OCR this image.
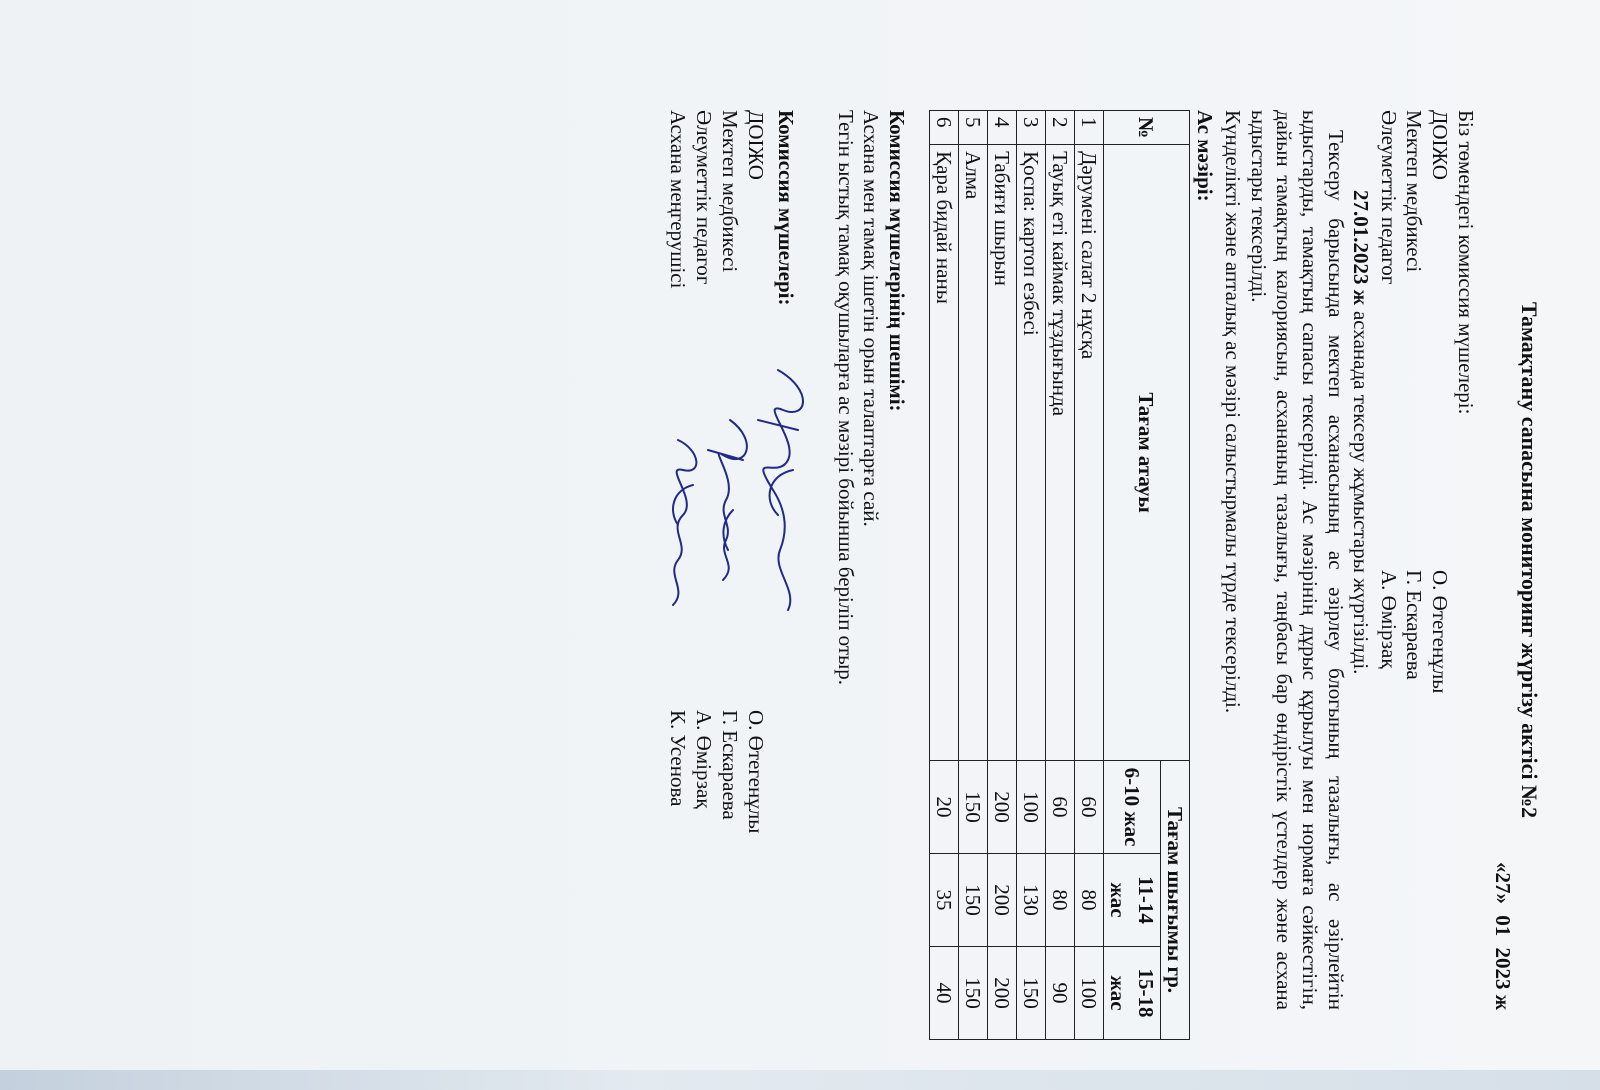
Тамақтану сапасына мониторинг жүргізу актісі №2

«27» 01 2023 ж

Біз төмендегі комиссия мүшелері:

ДОІЖО
О. Өтегенұлы
Мектеп медбикесі
Г. Ескараева
Әлеуметтік педагог
А. Өмірзақ

27.01.2023 жасханада тексеру жұмыстары жүргізілді.

Тексеру барысында мектеп асханасының ас әзірлеу блогының тазалығы, ас әзірлейтін ыдыстарды, тамақтың сапасы тексерілді. Ас мәзірінің дұрыс құрылуы мен нормаға сәйкестігін, дайын тамақтың калориясын, асхананың тазалығы, таңбасы бар өндірістік үстелдер және асхана ыдыстары тексерілді.

Күнделікті және апталық ас мәзірі салыстырмалы түрде тексерілді.

Ас мәзірі:

№	Тағам атауы	Тағам шығымы гр.		
		6-10 жас	11-14 жас	15-18 жас
1	Дәрумені салат 2 нұсқа	60	80	100
2	Тауық еті каймак тұздығында	60	80	90
3	Қоспа: картоп езбесі	100	130	150
4	Табиғи шырын	200	200	200
5	Алма	150	150	150
6	Қара бидай наны	20	35	40

Комиссия мүшелерінің шешімі:

Асхана мен тамақ ішетін орын талаптарға сай.

Тегін ыстық тамақ оқушыларға ас мәзірі бойынша беріліп отыр.

Комиссия мүшелері:

ДОІЖО
О. Өтегенұлы
Мектеп медбикесі
Г. Ескараева
Әлеуметтік педагог
А. Өмірзақ
Асхана меңгерушісі
К. Усенова
